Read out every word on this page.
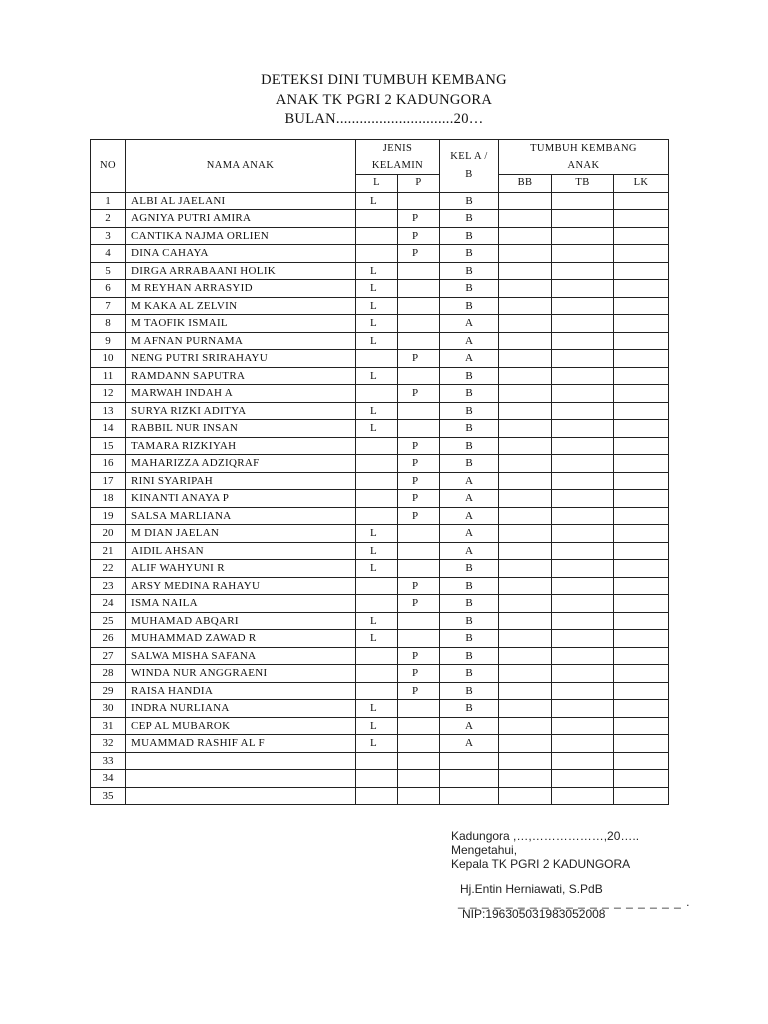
DETEKSI DINI TUMBUH KEMBANG
ANAK TK PGRI 2 KADUNGORA
BULAN..............................20…
NO	NAMA ANAK	JENIS KELAMIN		KEL A / B	TUMBUH KEMBANG ANAK		
		L	P		BB	TB	LK
1	ALBI AL JAELANI	L		B			
2	AGNIYA PUTRI AMIRA		P	B			
3	CANTIKA NAJMA ORLIEN		P	B			
4	DINA CAHAYA		P	B			
5	DIRGA ARRABAANI HOLIK	L		B			
6	M REYHAN ARRASYID	L		B			
7	M KAKA AL ZELVIN	L		B			
8	M TAOFIK ISMAIL	L		A			
9	M AFNAN PURNAMA	L		A			
10	NENG PUTRI SRIRAHAYU		P	A			
11	RAMDANN SAPUTRA	L		B			
12	MARWAH INDAH A		P	B			
13	SURYA RIZKI ADITYA	L		B			
14	RABBIL NUR INSAN	L		B			
15	TAMARA RIZKIYAH		P	B			
16	MAHARIZZA ADZIQRAF		P	B			
17	RINI SYARIPAH		P	A			
18	KINANTI ANAYA P		P	A			
19	SALSA MARLIANA		P	A			
20	M DIAN JAELAN	L		A			
21	AIDIL AHSAN	L		A			
22	ALIF WAHYUNI R	L		B			
23	ARSY MEDINA RAHAYU		P	B			
24	ISMA NAILA		P	B			
25	MUHAMAD ABQARI	L		B			
26	MUHAMMAD ZAWAD R	L		B			
27	SALWA MISHA SAFANA		P	B			
28	WINDA NUR ANGGRAENI		P	B			
29	RAISA HANDIA		P	B			
30	INDRA NURLIANA	L		B			
31	CEP AL MUBAROK	L		A			
32	MUAMMAD RASHIF AL F	L		A			
33							
34							
35							
Kadungora ,…,………………,20…..
Mengetahui,
Kepala TK PGRI 2 KADUNGORA
Hj.Entin Herniawati, S.PdB
_ _ _ _ _ _ _ _ _ _ _ _ _ _ _ _ _ _ _ .
NIP:196305031983052008
